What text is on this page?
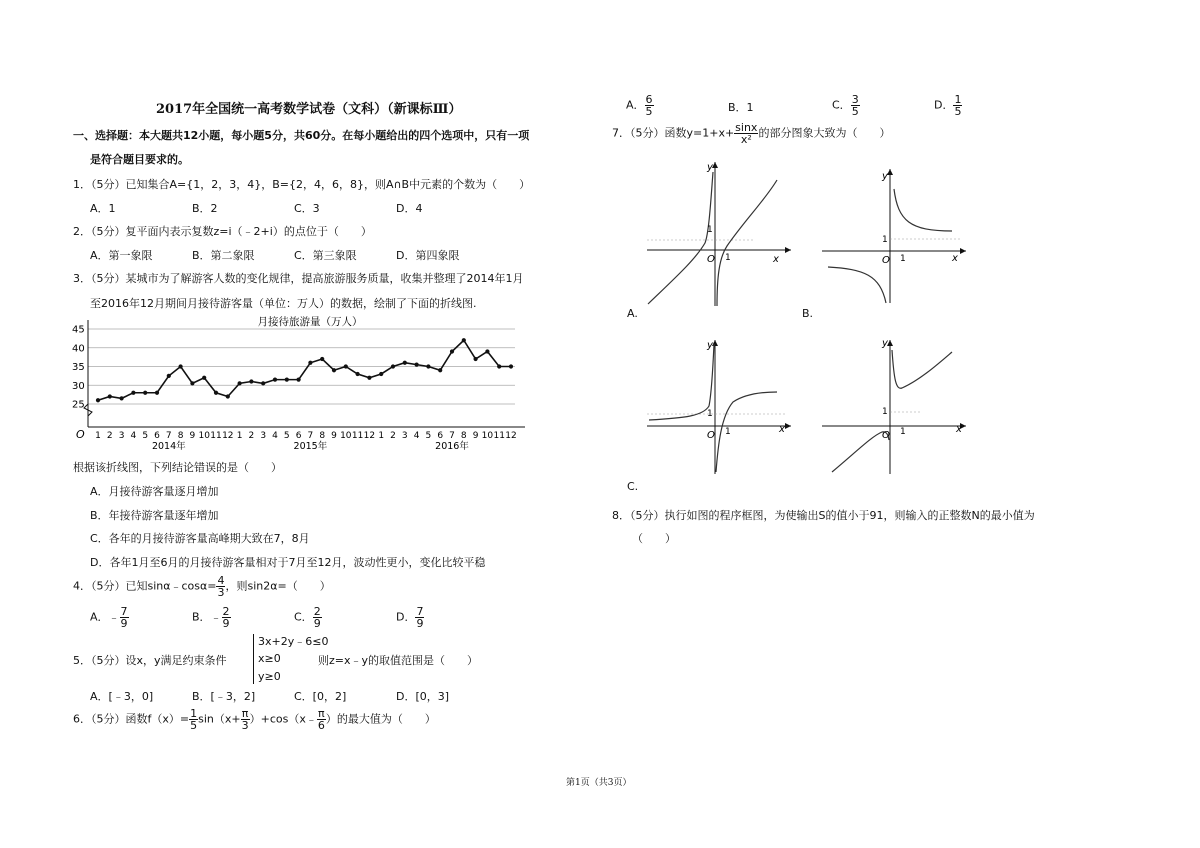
2017年全国统一高考数学试卷（文科）（新课标Ⅲ）
一、选择题：本大题共12小题，每小题5分，共60分。在每小题给出的四个选项中，只有一项
是符合题目要求的。
1．（5分）已知集合A={1，2，3，4}，B={2，4，6，8}，则A∩B中元素的个数为（　　）
A．1	B．2	C．3	D．4
2．（5分）复平面内表示复数z=i（﹣2+i）的点位于（　　）
A．第一象限	B．第二象限	C．第三象限	D．第四象限
3．（5分）某城市为了解游客人数的变化规律，提高旅游服务质量，收集并整理了2014年1月
至2016年12月期间月接待游客量（单位：万人）的数据，绘制了下面的折线图.
25
30
35
40
45
月接待旅游量（万人）
O 1 2 3 4 5 6 7 8 9 10 11 12 1 2 3 4 5 6 7 8 9 10 11 12 1 2 3 4 5 6 7 8 9 10 11 12
2014年	2015年	2016年
根据该折线图，下列结论错误的是（　　）
A．月接待游客量逐月增加
B．年接待游客量逐年增加
C．各年的月接待游客量高峰期大致在7，8月
D．各年1月至6月的月接待游客量相对于7月至12月，波动性更小，变化比较平稳
4．（5分）已知sinα﹣cosα= $\frac{4}{3}$ ，则sin2α=（　　）
A．﹣ $\frac{7}{9}$	B．﹣ $\frac{2}{9}$	C． $\frac{2}{9}$	D． $\frac{7}{9}$
5．（5分）设x，y满足约束条件
3x+2y﹣6≤0
x≥0
y≥0
则z=x﹣y的取值范围是（　　）
A．[﹣3，0]	B．[﹣3，2]	C．[0，2]	D．[0，3]
6．（5分）函数$f(x)= \frac{1}{5} \sin(x+ \frac{\pi}{3}$ ）+cos（x﹣ $\frac{\pi}{6}$ ）的最大值为（　　）
A． $\frac{6}{5}$	B．1	C． $\frac{3}{5}$	D． $\frac{1}{5}$
7．（5分）函数$y=1+x+ \frac{\sin x}{\text{x²}}$ 的部分图象大致为（　　）
1
O 1	x
y
A.
1
O 1	x
y
B.
1
O 1	x
y
C.
1
O 1	x
y
8．（5分）执行如图的程序框图，为使输出S的值小于91，则输入的正整数N的最小值为
（　　）
第1页（共3页）
